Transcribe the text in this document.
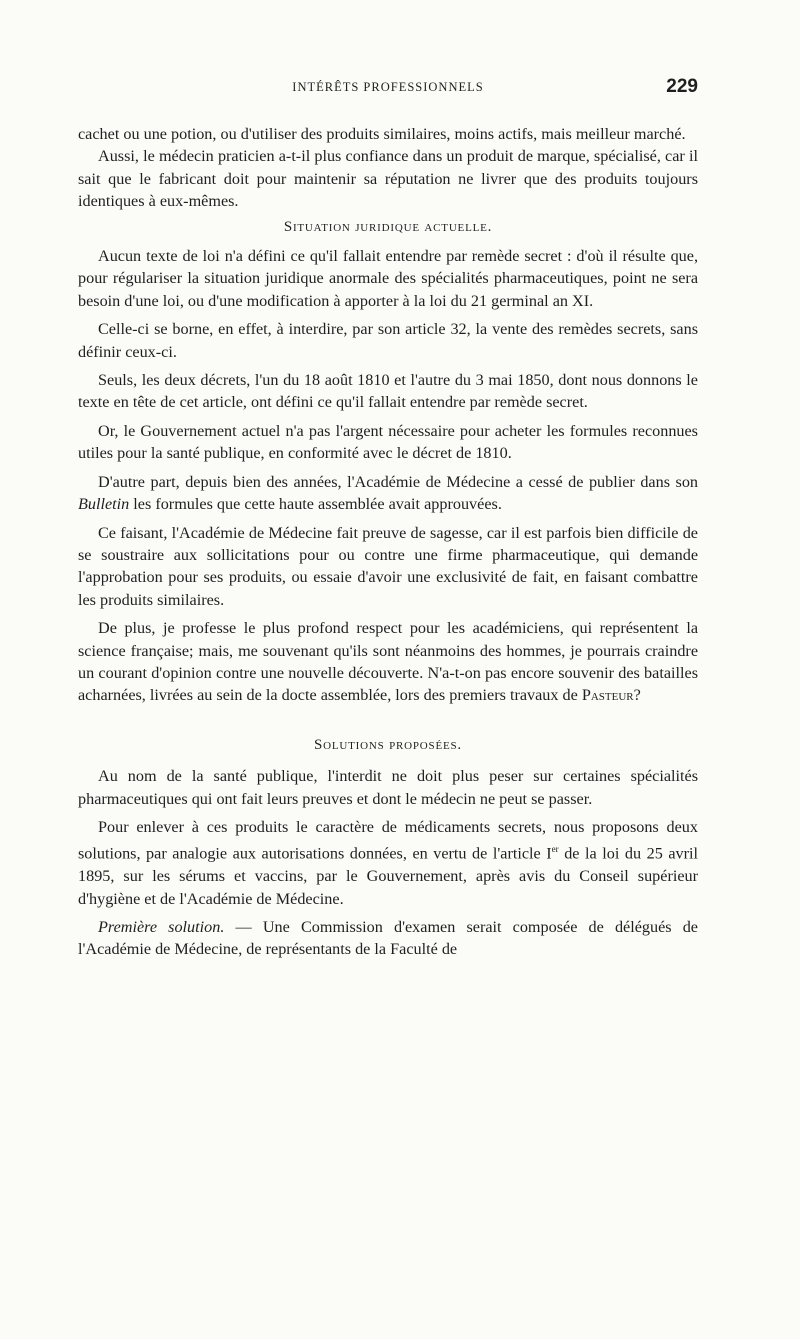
INTÉRÊTS PROFESSIONNELS	229

cachet ou une potion, ou d'utiliser des produits similaires, moins actifs, mais meilleur marché.

Aussi, le médecin praticien a-t-il plus confiance dans un produit de marque, spécialisé, car il sait que le fabricant doit pour maintenir sa réputation ne livrer que des produits toujours identiques à eux-mêmes.

Situation juridique actuelle.

Aucun texte de loi n'a défini ce qu'il fallait entendre par remède secret : d'où il résulte que, pour régulariser la situation juridique anormale des spécialités pharmaceutiques, point ne sera besoin d'une loi, ou d'une modification à apporter à la loi du 21 germinal an XI.

Celle-ci se borne, en effet, à interdire, par son article 32, la vente des remèdes secrets, sans définir ceux-ci.

Seuls, les deux décrets, l'un du 18 août 1810 et l'autre du 3 mai 1850, dont nous donnons le texte en tête de cet article, ont défini ce qu'il fallait entendre par remède secret.

Or, le Gouvernement actuel n'a pas l'argent nécessaire pour acheter les formules reconnues utiles pour la santé publique, en conformité avec le décret de 1810.

D'autre part, depuis bien des années, l'Académie de Médecine a cessé de publier dans son Bulletin les formules que cette haute assemblée avait approuvées.

Ce faisant, l'Académie de Médecine fait preuve de sagesse, car il est parfois bien difficile de se soustraire aux sollicitations pour ou contre une firme pharmaceutique, qui demande l'approbation pour ses produits, ou essaie d'avoir une exclusivité de fait, en faisant combattre les produits similaires.

De plus, je professe le plus profond respect pour les académiciens, qui représentent la science française; mais, me souvenant qu'ils sont néanmoins des hommes, je pourrais craindre un courant d'opinion contre une nouvelle découverte. N'a-t-on pas encore souvenir des batailles acharnées, livrées au sein de la docte assemblée, lors des premiers travaux de Pasteur?

Solutions proposées.

Au nom de la santé publique, l'interdit ne doit plus peser sur certaines spécialités pharmaceutiques qui ont fait leurs preuves et dont le médecin ne peut se passer.

Pour enlever à ces produits le caractère de médicaments secrets, nous proposons deux solutions, par analogie aux autorisations données, en vertu de l'article Ier de la loi du 25 avril 1895, sur les sérums et vaccins, par le Gouvernement, après avis du Conseil supérieur d'hygiène et de l'Académie de Médecine.

Première solution. — Une Commission d'examen serait composée de délégués de l'Académie de Médecine, de représentants de la Faculté de
